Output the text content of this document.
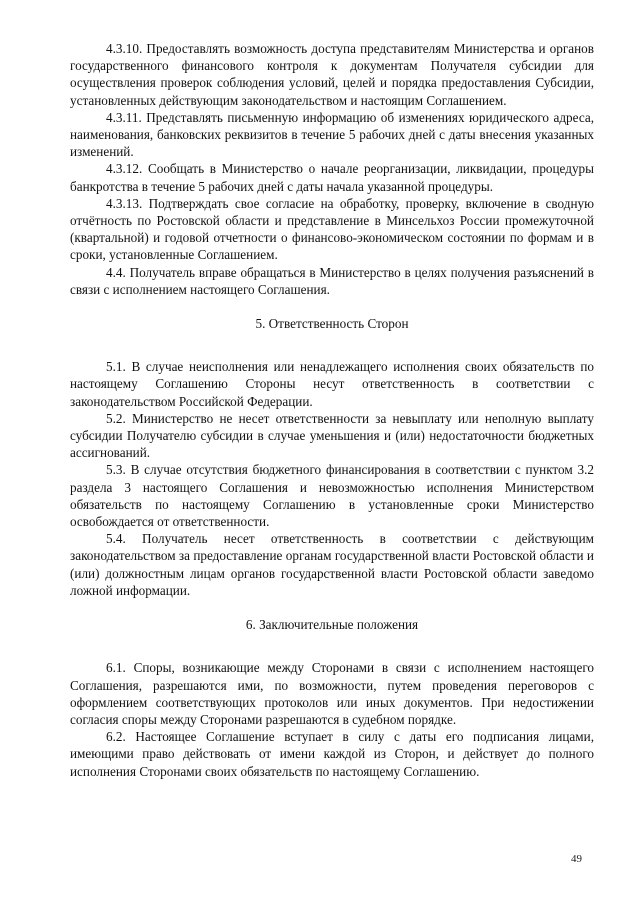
4.3.10. Предоставлять возможность доступа представителям Министерства и органов государственного финансового контроля к документам Получателя субсидии для осуществления проверок соблюдения условий, целей и порядка предоставления Субсидии, установленных действующим законодательством и настоящим Соглашением.

4.3.11. Представлять письменную информацию об изменениях юридического адреса, наименования, банковских реквизитов в течение 5 рабочих дней с даты внесения указанных изменений.

4.3.12. Сообщать в Министерство о начале реорганизации, ликвидации, процедуры банкротства в течение 5 рабочих дней с даты начала указанной процедуры.

4.3.13. Подтверждать свое согласие на обработку, проверку, включение в сводную отчётность по Ростовской области и представление в Минсельхоз России промежуточной (квартальной) и годовой отчетности о финансово-экономическом состоянии по формам и в сроки, установленные Соглашением.

4.4. Получатель вправе обращаться в Министерство в целях получения разъяснений в связи с исполнением настоящего Соглашения.

5. Ответственность Сторон

5.1. В случае неисполнения или ненадлежащего исполнения своих обязательств по настоящему Соглашению Стороны несут ответственность в соответствии с законодательством Российской Федерации.

5.2. Министерство не несет ответственности за невыплату или неполную выплату субсидии Получателю субсидии в случае уменьшения и (или) недостаточности бюджетных ассигнований.

5.3. В случае отсутствия бюджетного финансирования в соответствии с пунктом 3.2 раздела 3 настоящего Соглашения и невозможностью исполнения Министерством обязательств по настоящему Соглашению в установленные сроки Министерство освобождается от ответственности.

5.4. Получатель несет ответственность в соответствии с действующим законодательством за предоставление органам государственной власти Ростовской области и (или) должностным лицам органов государственной власти Ростовской области заведомо ложной информации.

6. Заключительные положения

6.1. Споры, возникающие между Сторонами в связи с исполнением настоящего Соглашения, разрешаются ими, по возможности, путем проведения переговоров с оформлением соответствующих протоколов или иных документов. При недостижении согласия споры между Сторонами разрешаются в судебном порядке.

6.2. Настоящее Соглашение вступает в силу с даты его подписания лицами, имеющими право действовать от имени каждой из Сторон, и действует до полного исполнения Сторонами своих обязательств по настоящему Соглашению.

49
